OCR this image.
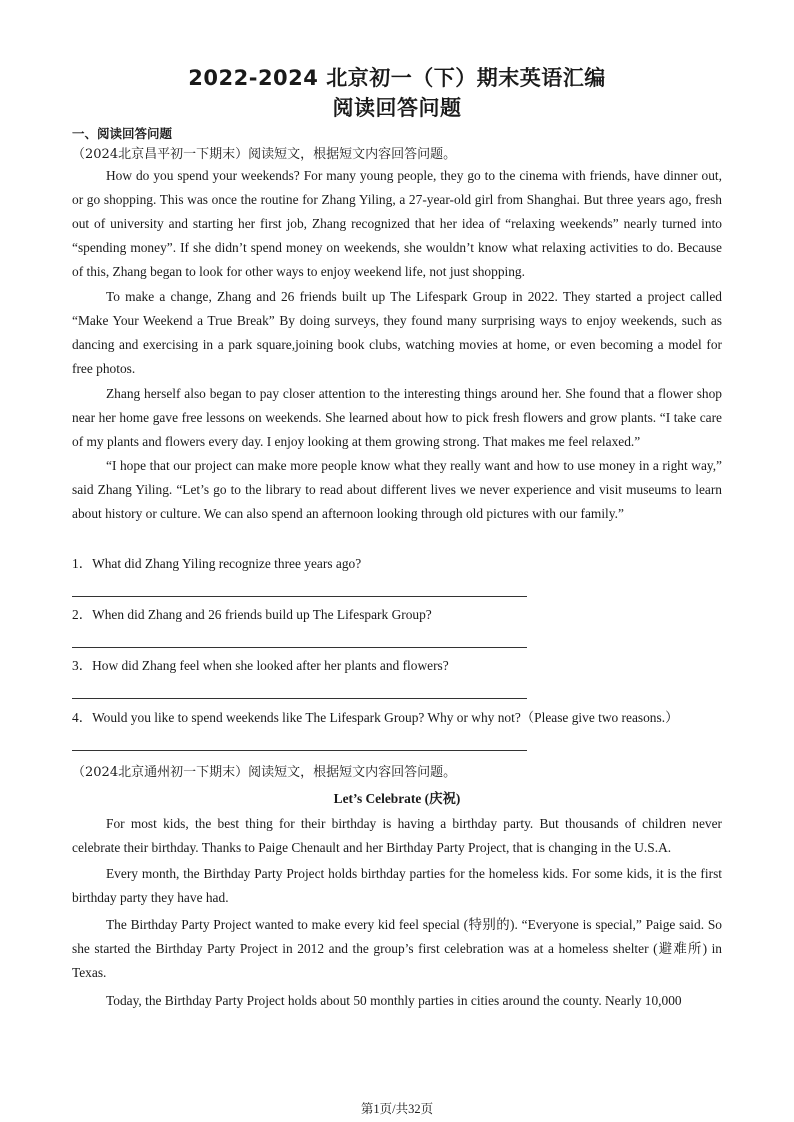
2022-2024 北京初一（下）期末英语汇编
阅读回答问题
一、阅读回答问题
（2024北京昌平初一下期末）阅读短文，根据短文内容回答问题。

How do you spend your weekends? For many young people, they go to the cinema with friends, have dinner out, or go shopping. This was once the routine for Zhang Yiling, a 27-year-old girl from Shanghai. But three years ago, fresh out of university and starting her first job, Zhang recognized that her idea of “relaxing weekends” nearly turned into “spending money”. If she didn’t spend money on weekends, she wouldn’t know what relaxing activities to do. Because of this, Zhang began to look for other ways to enjoy weekend life, not just shopping.

To make a change, Zhang and 26 friends built up The Lifespark Group in 2022. They started a project called “Make Your Weekend a True Break” By doing surveys, they found many surprising ways to enjoy weekends, such as dancing and exercising in a park square,joining book clubs, watching movies at home, or even becoming a model for free photos.

Zhang herself also began to pay closer attention to the interesting things around her. She found that a flower shop near her home gave free lessons on weekends. She learned about how to pick fresh flowers and grow plants. “I take care of my plants and flowers every day. I enjoy looking at them growing strong. That makes me feel relaxed.”

“I hope that our project can make more people know what they really want and how to use money in a right way,” said Zhang Yiling. “Let’s go to the library to read about different lives we never experience and visit museums to learn about history or culture. We can also spend an afternoon looking through old pictures with our family.”

1．What did Zhang Yiling recognize three years ago?
2．When did Zhang and 26 friends build up The Lifespark Group?
3．How did Zhang feel when she looked after her plants and flowers?
4．Would you like to spend weekends like The Lifespark Group? Why or why not?（Please give two reasons.）
（2024北京通州初一下期末）阅读短文，根据短文内容回答问题。
Let’s Celebrate (庆祝)

For most kids, the best thing for their birthday is having a birthday party. But thousands of children never celebrate their birthday. Thanks to Paige Chenault and her Birthday Party Project, that is changing in the U.S.A.

Every month, the Birthday Party Project holds birthday parties for the homeless kids. For some kids, it is the first birthday party they have had.

The Birthday Party Project wanted to make every kid feel special (特别的). “Everyone is special,” Paige said. So she started the Birthday Party Project in 2012 and the group’s first celebration was at a homeless shelter (避难所) in Texas.

Today, the Birthday Party Project holds about 50 monthly parties in cities around the county. Nearly 10,000

第1页/共32页
